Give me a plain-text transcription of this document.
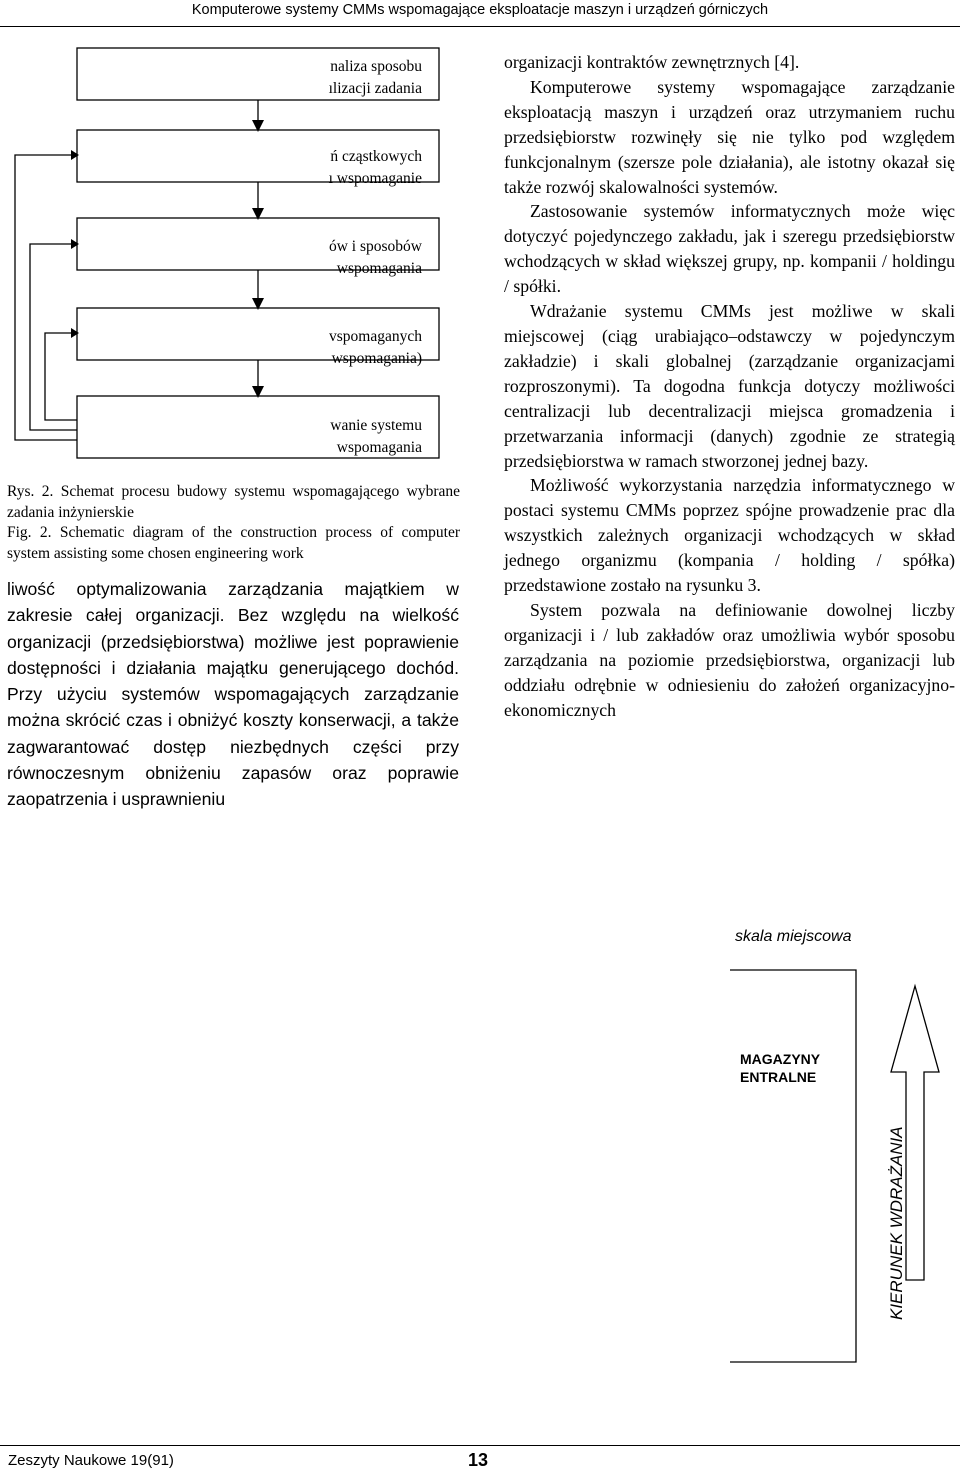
Komputerowe systemy CMMs wspomagające eksploatacje maszyn i urządzeń górniczych
naliza sposobu
ılizacji zadania
ń cząstkowych
ı wspomaganie
ów i sposobów
wspomagania
vspomaganych
wspomagania)
wanie systemu
wspomagania
Rys. 2. Schemat procesu budowy systemu wspomagającego wybrane zadania inżynierskie
Fig. 2. Schematic diagram of the construction process of computer system assisting some chosen engineering work

liwość optymalizowania zarządzania majątkiem w zakresie całej organizacji. Bez względu na wielkość organizacji (przedsiębiorstwa) możliwe jest poprawienie dostępności i działania majątku generującego dochód. Przy użyciu systemów wspomagających zarządzanie można skrócić czas i obniżyć koszty konserwacji, a także zagwarantować dostęp niezbędnych części przy równoczesnym obniżeniu zapasów oraz poprawie zaopatrzenia i usprawnieniu

organizacji kontraktów zewnętrznych [4].

Komputerowe systemy wspomagające zarządzanie eksploatacją maszyn i urządzeń oraz utrzymaniem ruchu przedsiębiorstw rozwinęły się nie tylko pod względem funkcjonalnym (szersze pole działania), ale istotny okazał się także rozwój skalowalności systemów.

Zastosowanie systemów informatycznych może więc dotyczyć pojedynczego zakładu, jak i szeregu przedsiębiorstw wchodzących w skład większej grupy, np. kompanii / holdingu / spółki.

Wdrażanie systemu CMMs jest możliwe w skali miejscowej (ciąg urabiająco–odstawczy w pojedynczym zakładzie) i skali globalnej (zarządzanie organizacjami rozproszonymi). Ta dogodna funkcja dotyczy możliwości centralizacji lub decentralizacji miejsca gromadzenia i przetwarzania informacji (danych) zgodnie ze strategią przedsiębiorstwa w ramach stworzonej jednej bazy.

Możliwość wykorzystania narzędzia informatycznego w postaci systemu CMMs poprzez spójne prowadzenie prac dla wszystkich zależnych organizacji wchodzących w skład jednego organizmu (kompania / holding / spółka) przedstawione zostało na rysunku 3.

System pozwala na definiowanie dowolnej liczby organizacji i / lub zakładów oraz umożliwia wybór sposobu zarządzania na poziomie przedsiębiorstwa, organizacji lub oddziału odrębnie w odniesieniu do założeń organizacyjno-ekonomicznych

skala miejscowa
MAGAZYNY
ENTRALNE
KIERUNEK WDRAŻANIA
Zeszyty Naukowe 19(91)	13
